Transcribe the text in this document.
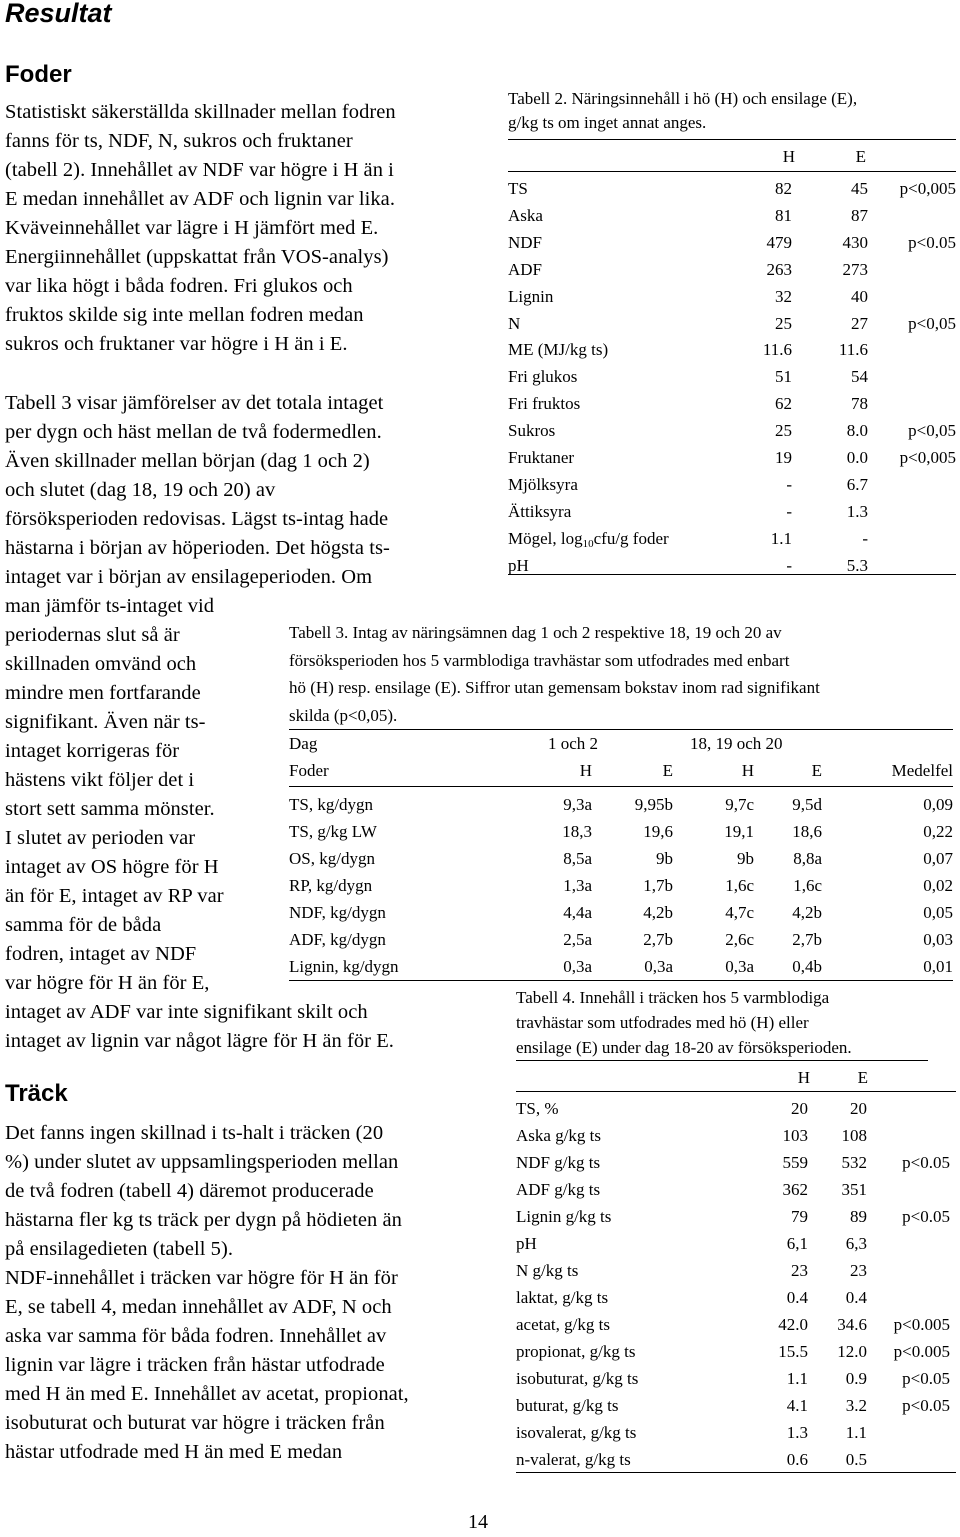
Resultat
Foder
Statistiskt säkerställda skillnader mellan fodren
fanns för ts, NDF, N, sukros och fruktaner
(tabell 2). Innehållet av NDF var högre i H än i
E medan innehållet av ADF och lignin var lika.
Kväveinnehållet var lägre i H jämfört med E.
Energiinnehållet (uppskattat från VOS-analys)
var lika högt i båda fodren. Fri glukos och
fruktos skilde sig inte mellan fodren medan
sukros och fruktaner var högre i H än i E.
Tabell 3 visar jämförelser av det totala intaget
per dygn och häst mellan de två fodermedlen.
Även skillnader mellan början (dag 1 och 2)
och slutet (dag 18, 19 och 20) av
försöksperioden redovisas. Lägst ts-intag hade
hästarna i början av höperioden. Det högsta ts-
intaget var i början av ensilageperioden. Om
man jämför ts-intaget vid
periodernas slut så är
skillnaden omvänd och
mindre men fortfarande
signifikant. Även när ts-
intaget korrigeras för
hästens vikt följer det i
stort sett samma mönster.
I slutet av perioden var
intaget av OS högre för H
än för E, intaget av RP var
samma för de båda
fodren, intaget av NDF
var högre för H än för E,
intaget av ADF var inte signifikant skilt och
intaget av lignin var något lägre för H än för E.
Träck
Det fanns ingen skillnad i ts-halt i träcken (20
%) under slutet av uppsamlingsperioden mellan
de två fodren (tabell 4) däremot producerade
hästarna fler kg ts träck per dygn på hödieten än
på ensilagedieten (tabell 5).
NDF-innehållet i träcken var högre för H än för
E, se tabell 4, medan innehållet av ADF, N och
aska var samma för båda fodren. Innehållet av
lignin var lägre i träcken från hästar utfodrade
med H än med E. Innehållet av acetat, propionat,
isobuturat och buturat var högre i träcken från
hästar utfodrade med H än med E medan
Tabell 2. Näringsinnehåll i hö (H) och ensilage (E),
g/kg ts om inget annat anges.
H	E
TS	82	45	p<0,005
Aska	81	87
NDF	479	430	p<0.05
ADF	263	273
Lignin	32	40
N	25	27	p<0,05
ME (MJ/kg ts)	11.6	11.6
Fri glukos	51	54
Fri fruktos	62	78
Sukros	25	8.0	p<0,05
Fruktaner	19	0.0	p<0,005
Mjölksyra	-	6.7
Ättiksyra	-	1.3
Mögel, $\log_{10}cfu/g$ foder	1.1	-
pH	-	5.3
Tabell 3. Intag av näringsämnen dag 1 och 2 respektive 18, 19 och 20 av
försöksperioden hos 5 varmblodiga travhästar som utfodrades med enbart
hö (H) resp. ensilage (E). Siffror utan gemensam bokstav inom rad signifikant
skilda (p<0,05).
Dag	1 och 2	18, 19 och 20
Foder	H	E	H	E	Medelfel
TS, kg/dygn	9,3a	9,95b	9,7c	9,5d	0,09
TS, g/kg LW	18,3	19,6	19,1	18,6	0,22
OS, kg/dygn	8,5a	9b	9b	8,8a	0,07
RP, kg/dygn	1,3a	1,7b	1,6c	1,6c	0,02
NDF, kg/dygn	4,4a	4,2b	4,7c	4,2b	0,05
ADF, kg/dygn	2,5a	2,7b	2,6c	2,7b	0,03
Lignin, kg/dygn	0,3a	0,3a	0,3a	0,4b	0,01
Tabell 4. Innehåll i träcken hos 5 varmblodiga
travhästar som utfodrades med hö (H) eller
ensilage (E) under dag 18-20 av försöksperioden.
H	E
TS, %	20	20
Aska g/kg ts	103	108
NDF g/kg ts	559	532	p<0.05
ADF g/kg ts	362	351
Lignin g/kg ts	79	89	p<0.05
pH	6,1	6,3
N g/kg ts	23	23
laktat, g/kg ts	0.4	0.4
acetat, g/kg ts	42.0	34.6	p<0.005
propionat, g/kg ts	15.5	12.0	p<0.005
isobuturat, g/kg ts	1.1	0.9	p<0.05
buturat, g/kg ts	4.1	3.2	p<0.05
isovalerat, g/kg ts	1.3	1.1
n-valerat, g/kg ts	0.6	0.5
14
